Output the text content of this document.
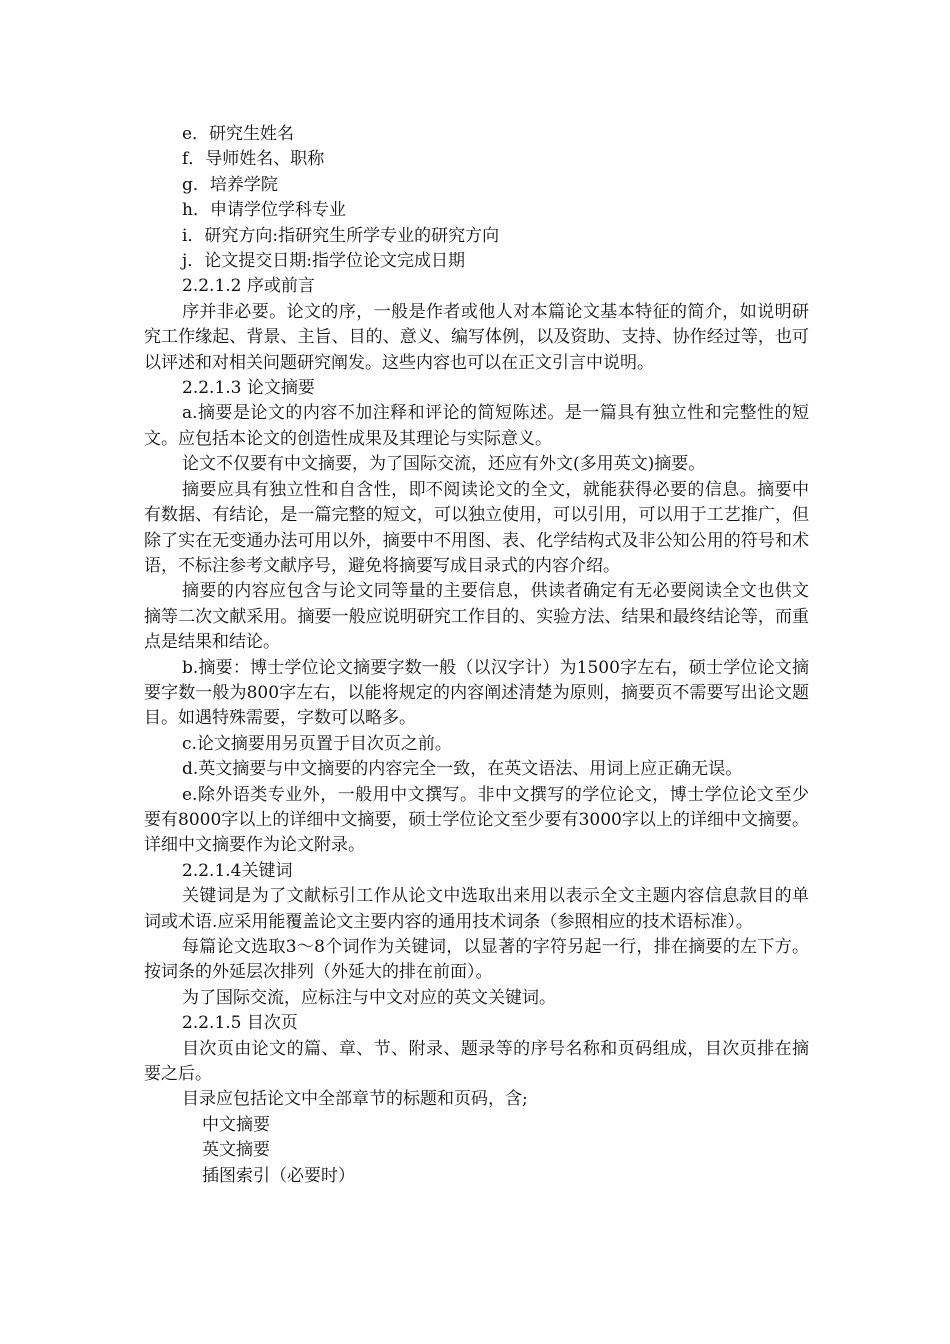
e．研究生姓名

f．导师姓名、职称

g．培养学院

h．申请学位学科专业

i．研究方向:指研究生所学专业的研究方向

j．论文提交日期:指学位论文完成日期

2.2.1.2 序或前言

序并非必要。论文的序，一般是作者或他人对本篇论文基本特征的简介，如说明研究工作缘起、背景、主旨、目的、意义、编写体例，以及资助、支持、协作经过等，也可以评述和对相关问题研究阐发。这些内容也可以在正文引言中说明。

2.2.1.3 论文摘要

a.摘要是论文的内容不加注释和评论的简短陈述。是一篇具有独立性和完整性的短文。应包括本论文的创造性成果及其理论与实际意义。

论文不仅要有中文摘要，为了国际交流，还应有外文(多用英文)摘要。

摘要应具有独立性和自含性，即不阅读论文的全文，就能获得必要的信息。摘要中有数据、有结论，是一篇完整的短文，可以独立使用，可以引用，可以用于工艺推广，但除了实在无变通办法可用以外，摘要中不用图、表、化学结构式及非公知公用的符号和术语，不标注参考文献序号，避免将摘要写成目录式的内容介绍。

摘要的内容应包含与论文同等量的主要信息，供读者确定有无必要阅读全文也供文摘等二次文献采用。摘要一般应说明研究工作目的、实验方法、结果和最终结论等，而重点是结果和结论。

b.摘要：博士学位论文摘要字数一般（以汉字计）为1500字左右，硕士学位论文摘要字数一般为800字左右，以能将规定的内容阐述清楚为原则，摘要页不需要写出论文题目。如遇特殊需要，字数可以略多。

c.论文摘要用另页置于目次页之前。

d.英文摘要与中文摘要的内容完全一致，在英文语法、用词上应正确无误。

e.除外语类专业外，一般用中文撰写。非中文撰写的学位论文，博士学位论文至少要有8000字以上的详细中文摘要，硕士学位论文至少要有3000字以上的详细中文摘要。详细中文摘要作为论文附录。

2.2.1.4关键词

关键词是为了文献标引工作从论文中选取出来用以表示全文主题内容信息款目的单词或术语.应采用能覆盖论文主要内容的通用技术词条（参照相应的技术语标准）。

每篇论文选取3～8个词作为关键词，以显著的字符另起一行，排在摘要的左下方。按词条的外延层次排列（外延大的排在前面）。

为了国际交流，应标注与中文对应的英文关键词。

2.2.1.5 目次页

目次页由论文的篇、章、节、附录、题录等的序号名称和页码组成，目次页排在摘要之后。

目录应包括论文中全部章节的标题和页码，含;

中文摘要
英文摘要
插图索引（必要时）
